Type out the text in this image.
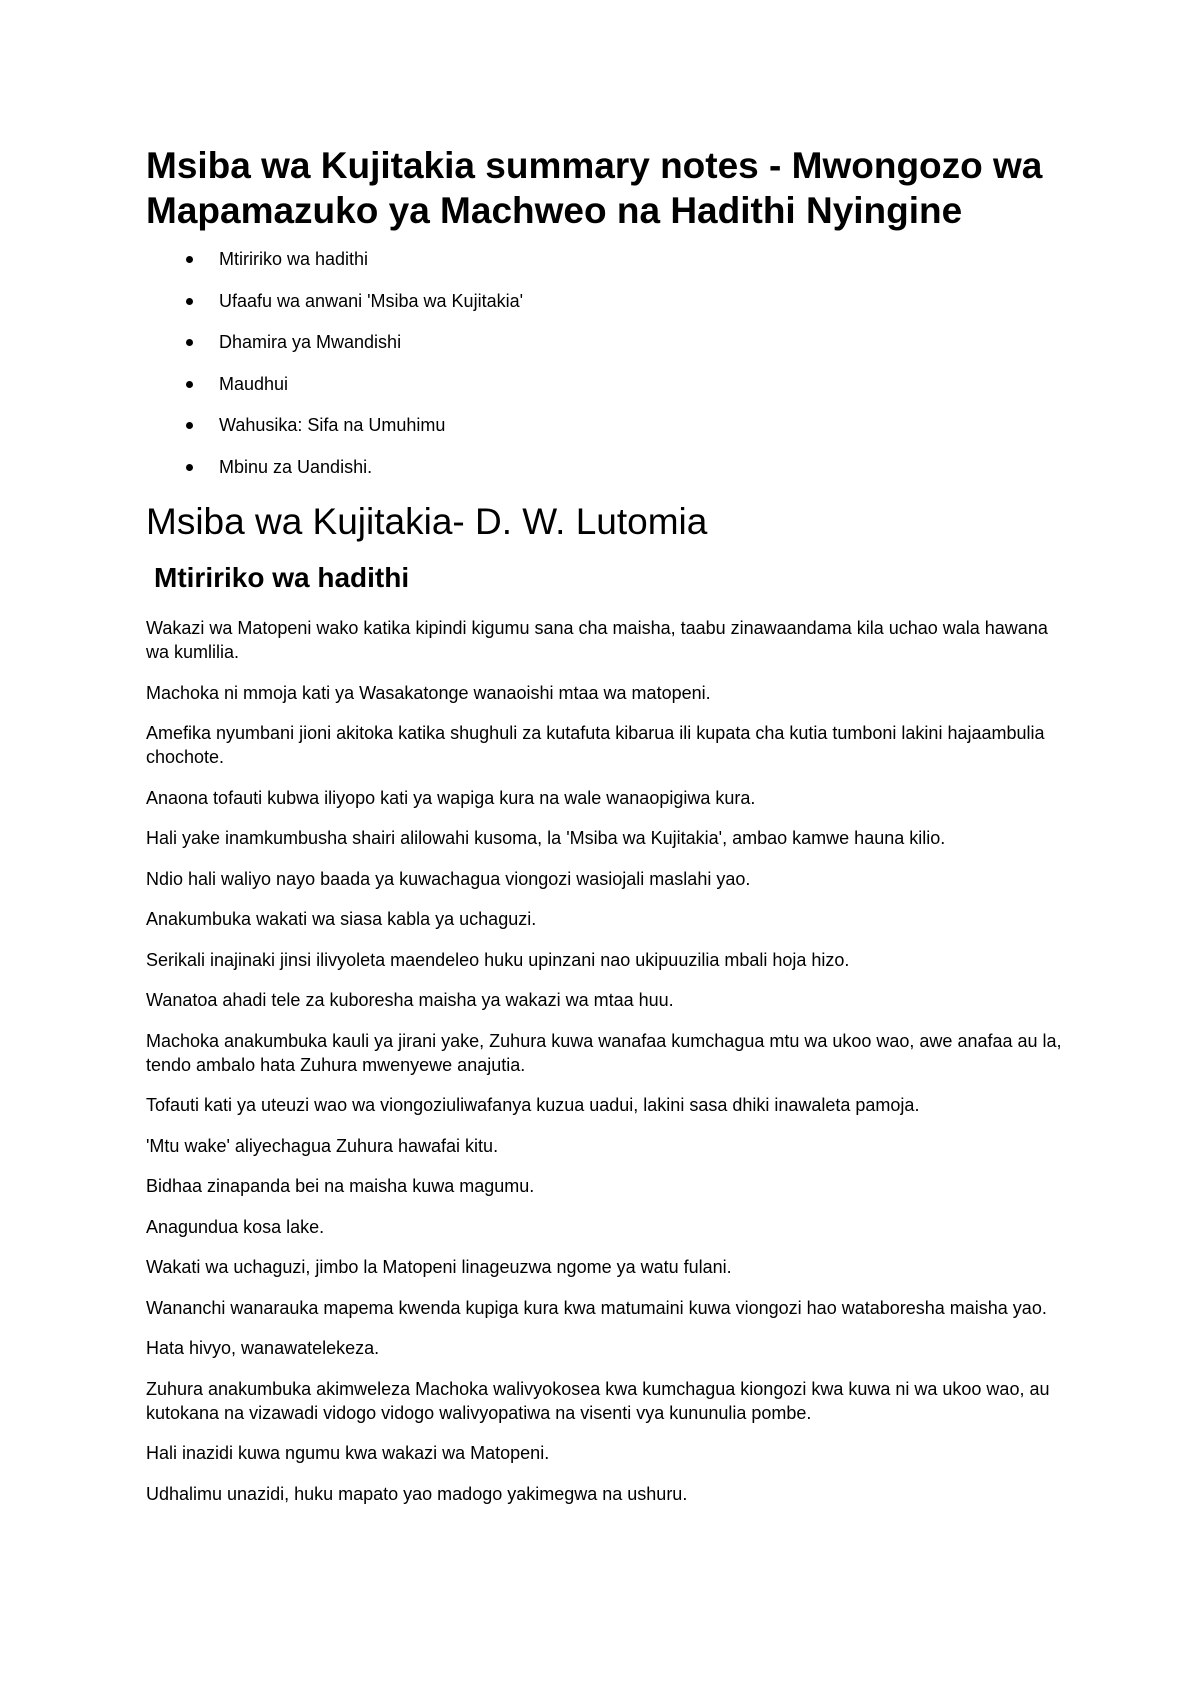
Msiba wa Kujitakia summary notes - Mwongozo wa Mapamazuko ya Machweo na Hadithi Nyingine
Mtiririko wa hadithi
Ufaafu wa anwani 'Msiba wa Kujitakia'
Dhamira ya Mwandishi
Maudhui
Wahusika: Sifa na Umuhimu
Mbinu za Uandishi.
Msiba wa Kujitakia- D. W. Lutomia
Mtiririko wa hadithi

Wakazi wa Matopeni wako katika kipindi kigumu sana cha maisha, taabu zinawaandama kila uchao wala hawana wa kumlilia.

Machoka ni mmoja kati ya Wasakatonge wanaoishi mtaa wa matopeni.

Amefika nyumbani jioni akitoka katika shughuli za kutafuta kibarua ili kupata cha kutia tumboni lakini hajaambulia chochote.

Anaona tofauti kubwa iliyopo kati ya wapiga kura na wale wanaopigiwa kura.

Hali yake inamkumbusha shairi alilowahi kusoma, la 'Msiba wa Kujitakia', ambao kamwe hauna kilio.

Ndio hali waliyo nayo baada ya kuwachagua viongozi wasiojali maslahi yao.

Anakumbuka wakati wa siasa kabla ya uchaguzi.

Serikali inajinaki jinsi ilivyoleta maendeleo huku upinzani nao ukipuuzilia mbali hoja hizo.

Wanatoa ahadi tele za kuboresha maisha ya wakazi wa mtaa huu.

Machoka anakumbuka kauli ya jirani yake, Zuhura kuwa wanafaa kumchagua mtu wa ukoo wao, awe anafaa au la, tendo ambalo hata Zuhura mwenyewe anajutia.

Tofauti kati ya uteuzi wao wa viongoziuliwafanya kuzua uadui, lakini sasa dhiki inawaleta pamoja.

'Mtu wake' aliyechagua Zuhura hawafai kitu.

Bidhaa zinapanda bei na maisha kuwa magumu.

Anagundua kosa lake.

Wakati wa uchaguzi, jimbo la Matopeni linageuzwa ngome ya watu fulani.

Wananchi wanarauka mapema kwenda kupiga kura kwa matumaini kuwa viongozi hao wataboresha maisha yao.

Hata hivyo, wanawatelekeza.

Zuhura anakumbuka akimweleza Machoka walivyokosea kwa kumchagua kiongozi kwa kuwa ni wa ukoo wao, au kutokana na vizawadi vidogo vidogo walivyopatiwa na visenti vya kununulia pombe.

Hali inazidi kuwa ngumu kwa wakazi wa Matopeni.

Udhalimu unazidi, huku mapato yao madogo yakimegwa na ushuru.
